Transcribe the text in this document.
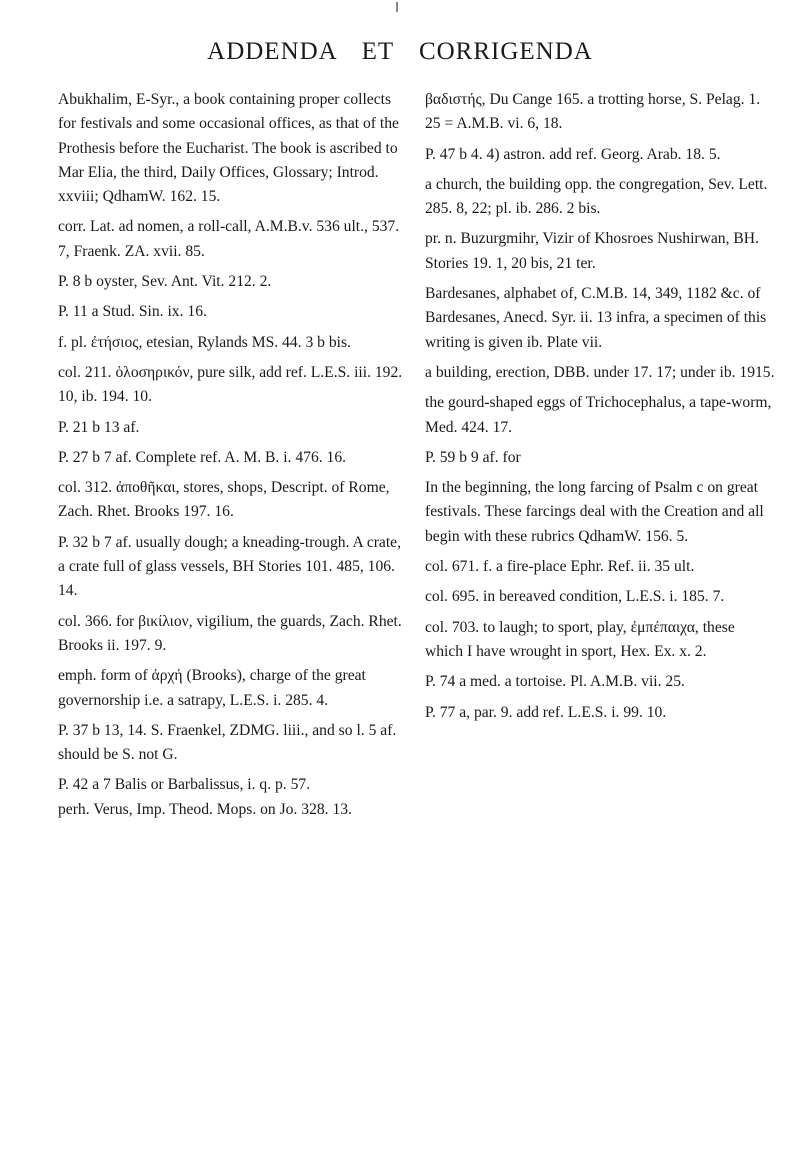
ADDENDA ET CORRIGENDA

Abukhalim, E-Syr., a book containing proper collects for festivals and some occasional offices, as that of the Prothesis before the Eucharist. The book is ascribed to Mar Elia, the third, Daily Offices, Glossary; Introd. xxviii; QdhamW. 162. 15.

corr. Lat. ad nomen, a roll-call, A.M.B.v. 536 ult., 537. 7, Fraenk. ZA. xvii. 85.

P. 8 b oyster, Sev. Ant. Vit. 212. 2.

P. 11 a Stud. Sin. ix. 16.

f. pl. ἐτήσιος, etesian, Rylands MS. 44. 3 b bis.

col. 211. ὁλοσηρικόν, pure silk, add ref. L.E.S. iii. 192. 10, ib. 194. 10.

P. 21 b 13 af.

P. 27 b 7 af. Complete ref. A. M. B. i. 476. 16.

col. 312. ἀποθῆκαι, stores, shops, Descript. of Rome, Zach. Rhet. Brooks 197. 16.

P. 32 b 7 af. usually dough; a kneading-trough. A crate, a crate full of glass vessels, BH Stories 101. 485, 106. 14.

col. 366. for βικίλιον, vigilium, the guards, Zach. Rhet. Brooks ii. 197. 9.

emph. form of ἀρχή (Brooks), charge of the great governorship i.e. a satrapy, L.E.S. i. 285. 4.

P. 37 b 13, 14. S. Fraenkel, ZDMG. liii., and so l. 5 af. should be S. not G.

P. 42 a 7 Balis or Barbalissus, i. q. p. 57.

perh. Verus, Imp. Theod. Mops. on Jo. 328. 13.

βαδιστής, Du Cange 165. a trotting horse, S. Pelag. 1. 25 = A.M.B. vi. 6, 18.

P. 47 b 4. 4) astron. add ref. Georg. Arab. 18. 5.

a church, the building opp. the congregation, Sev. Lett. 285. 8, 22; pl. ib. 286. 2 bis.

pr. n. Buzurgmihr, Vizir of Khosroes Nushirwan, BH. Stories 19. 1, 20 bis, 21 ter.

Bardesanes, alphabet of, C.M.B. 14, 349, 1182 &c. of Bardesanes, Anecd. Syr. ii. 13 infra, a specimen of this writing is given ib. Plate vii.

a building, erection, DBB. under 17. 17; under ib. 1915.

the gourd-shaped eggs of Trichocephalus, a tape-worm, Med. 424. 17.

P. 59 b 9 af. for

In the beginning, the long farcing of Psalm c on great festivals. These farcings deal with the Creation and all begin with these rubrics QdhamW. 156. 5.

col. 671. f. a fire-place Ephr. Ref. ii. 35 ult.

col. 695. in bereaved condition, L.E.S. i. 185. 7.

col. 703. to laugh; to sport, play, ἐμπέπαιχα, these which I have wrought in sport, Hex. Ex. x. 2.

P. 74 a med. a tortoise. Pl. A.M.B. vii. 25.

P. 77 a, par. 9. add ref. L.E.S. i. 99. 10.
